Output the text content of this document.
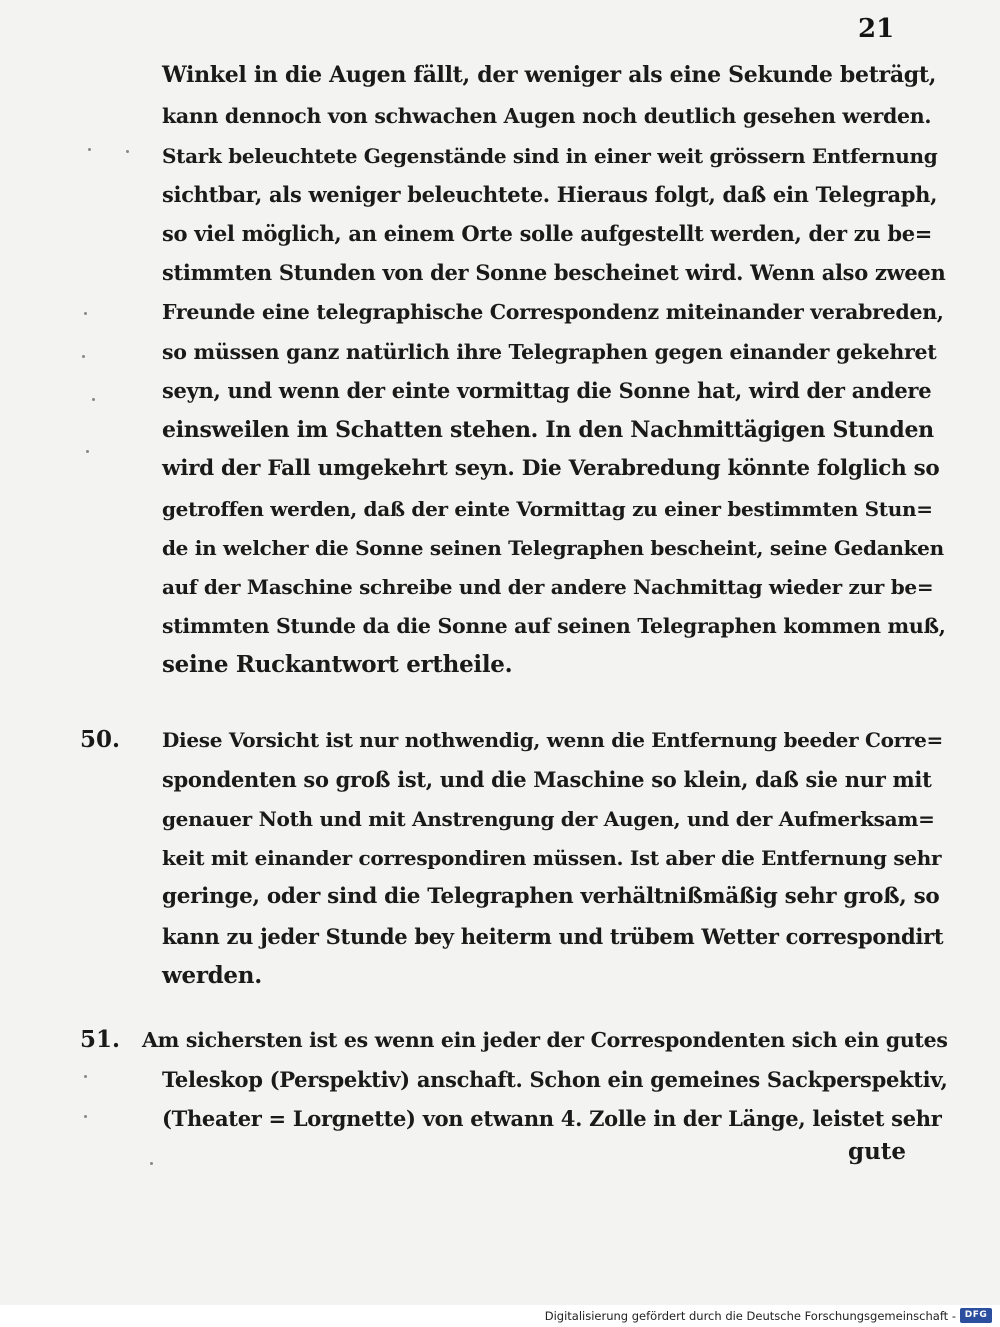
21
Winkel in die Augen fällt, der weniger als eine Sekunde beträgt,
kann dennoch von schwachen Augen noch deutlich gesehen werden.
Stark beleuchtete Gegenstände sind in einer weit grössern Entfernung
sichtbar, als weniger beleuchtete. Hieraus folgt, daß ein Telegraph,
so viel möglich, an einem Orte solle aufgestellt werden, der zu be=
stimmten Stunden von der Sonne bescheinet wird. Wenn also zween
Freunde eine telegraphische Correspondenz miteinander verabreden,
so müssen ganz natürlich ihre Telegraphen gegen einander gekehret
seyn, und wenn der einte vormittag die Sonne hat, wird der andere
einsweilen im Schatten stehen. In den Nachmittägigen Stunden
wird der Fall umgekehrt seyn. Die Verabredung könnte folglich so
getroffen werden, daß der einte Vormittag zu einer bestimmten Stun=
de in welcher die Sonne seinen Telegraphen bescheint, seine Gedanken
auf der Maschine schreibe und der andere Nachmittag wieder zur be=
stimmten Stunde da die Sonne auf seinen Telegraphen kommen muß,
seine Ruckantwort ertheile.
50. Diese Vorsicht ist nur nothwendig, wenn die Entfernung beeder Corre=
spondenten so groß ist, und die Maschine so klein, daß sie nur mit
genauer Noth und mit Anstrengung der Augen, und der Aufmerksam=
keit mit einander correspondiren müssen. Ist aber die Entfernung sehr
geringe, oder sind die Telegraphen verhältnißmäßig sehr groß, so
kann zu jeder Stunde bey heiterm und trübem Wetter correspondirt
werden.
51. Am sichersten ist es wenn ein jeder der Correspondenten sich ein gutes
Teleskop (Perspektiv) anschaft. Schon ein gemeines Sackperspektiv,
(Theater = Lorgnette) von etwann 4. Zolle in der Länge, leistet sehr
gute
Digitalisierung gefördert durch die Deutsche Forschungsgemeinschaft - DFG
